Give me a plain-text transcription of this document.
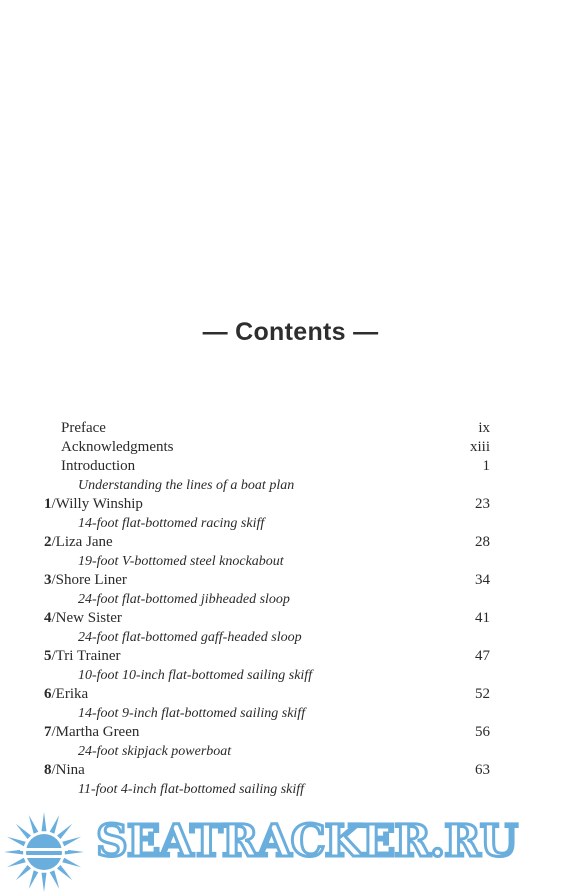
— Contents —
Preface	ix
Acknowledgments	xiii
Introduction	1
Understanding the lines of a boat plan
1/Willy Winship	23
14-foot flat-bottomed racing skiff
2/Liza Jane	28
19-foot V-bottomed steel knockabout
3/Shore Liner	34
24-foot flat-bottomed jibheaded sloop
4/New Sister	41
24-foot flat-bottomed gaff-headed sloop
5/Tri Trainer	47
10-foot 10-inch flat-bottomed sailing skiff
6/Erika	52
14-foot 9-inch flat-bottomed sailing skiff
7/Martha Green	56
24-foot skipjack powerboat
8/Nina	63
11-foot 4-inch flat-bottomed sailing skiff
SEATRACKER.RU
